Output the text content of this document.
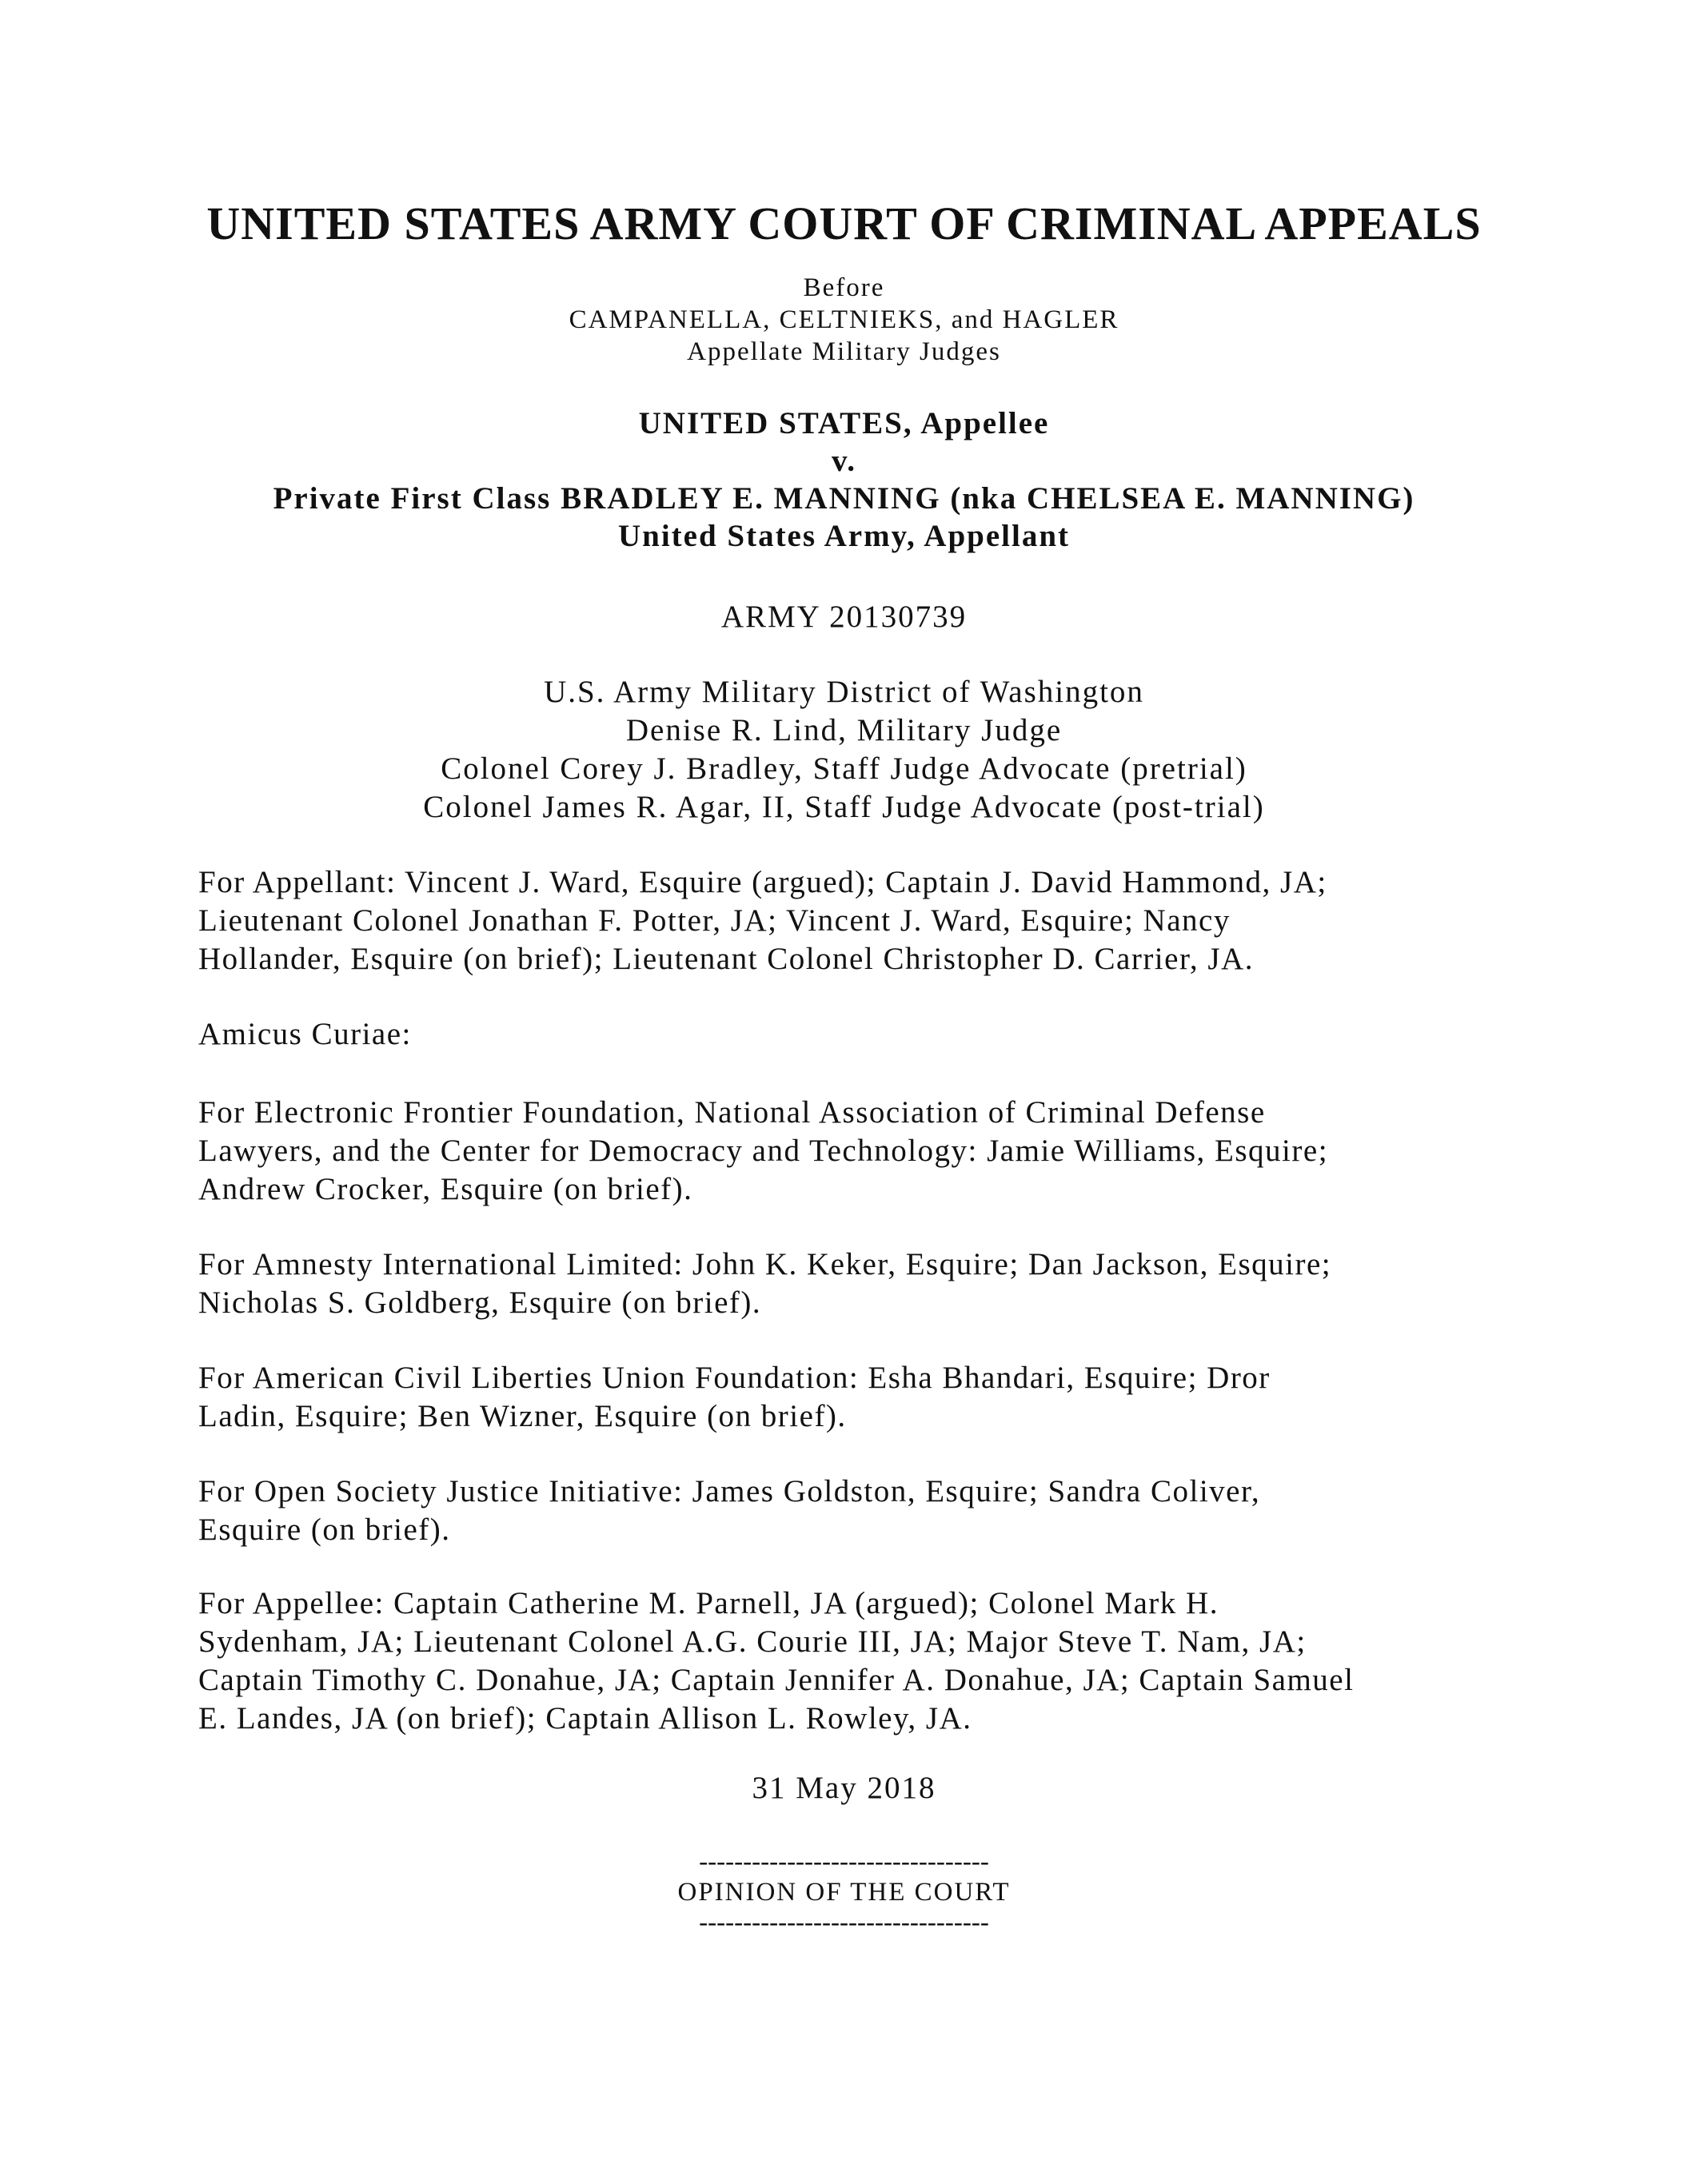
UNITED STATES ARMY COURT OF CRIMINAL APPEALS
Before
CAMPANELLA, CELTNIEKS, and HAGLER
Appellate Military Judges
UNITED STATES, Appellee
v.
Private First Class BRADLEY E. MANNING (nka CHELSEA E. MANNING)
United States Army, Appellant
ARMY 20130739
U.S. Army Military District of Washington
Denise R. Lind, Military Judge
Colonel Corey J. Bradley, Staff Judge Advocate (pretrial)
Colonel James R. Agar, II, Staff Judge Advocate (post-trial)

For Appellant: Vincent J. Ward, Esquire (argued); Captain J. David Hammond, JA;
Lieutenant Colonel Jonathan F. Potter, JA; Vincent J. Ward, Esquire; Nancy
Hollander, Esquire (on brief); Lieutenant Colonel Christopher D. Carrier, JA.

Amicus Curiae:

For Electronic Frontier Foundation, National Association of Criminal Defense
Lawyers, and the Center for Democracy and Technology: Jamie Williams, Esquire;
Andrew Crocker, Esquire (on brief).

For Amnesty International Limited: John K. Keker, Esquire; Dan Jackson, Esquire;
Nicholas S. Goldberg, Esquire (on brief).

For American Civil Liberties Union Foundation: Esha Bhandari, Esquire; Dror
Ladin, Esquire; Ben Wizner, Esquire (on brief).

For Open Society Justice Initiative: James Goldston, Esquire; Sandra Coliver,
Esquire (on brief).

For Appellee: Captain Catherine M. Parnell, JA (argued); Colonel Mark H.
Sydenham, JA; Lieutenant Colonel A.G. Courie III, JA; Major Steve T. Nam, JA;
Captain Timothy C. Donahue, JA; Captain Jennifer A. Donahue, JA; Captain Samuel
E. Landes, JA (on brief); Captain Allison L. Rowley, JA.

31 May 2018
---------------------------------
OPINION OF THE COURT
---------------------------------
